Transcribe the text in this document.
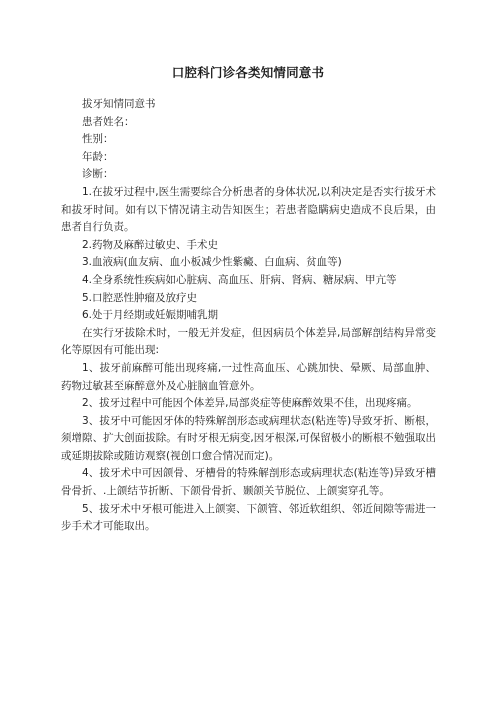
口腔科门诊各类知情同意书

拔牙知情同意书

患者姓名：

性别：

年龄：

诊断：

1.在拔牙过程中,医生需要综合分析患者的身体状况,以利决定是否实行拔牙术和拔牙时间。如有以下情况请主动告知医生；若患者隐瞒病史造成不良后果，由患者自行负责。

2.药物及麻醉过敏史、手术史

3.血液病(血友病、血小板减少性紫癜、白血病、贫血等)

4.全身系统性疾病如心脏病、高血压、肝病、肾病、糖尿病、甲亢等

5.口腔恶性肿瘤及放疗史

6.处于月经期或妊娠期哺乳期

在实行牙拔除术时，一般无并发症，但因病员个体差异,局部解剖结构异常变化等原因有可能出现:

1、拔牙前麻醉可能出现疼痛,一过性高血压、心跳加快、晕厥、局部血肿、药物过敏甚至麻醉意外及心脏脑血管意外。

2、拔牙过程中可能因个体差异,局部炎症等使麻醉效果不佳，出现疼痛。

3、拔牙中可能因牙体的特殊解剖形态或病理状态(粘连等)导致牙折、断根，须增隙、扩大创面拔除。有时牙根无病变,因牙根深,可保留极小的断根不勉强取出或延期拔除或随访观察(视创口愈合情况而定)。

4、拔牙术中可因颌骨、牙槽骨的特殊解剖形态或病理状态(粘连等)异致牙槽骨骨折、.上颌结节折断、下颌骨骨折、颞颌关节脱位、上颌窦穿孔等。

5、拔牙术中牙根可能进入上颌窦、下颌管、邻近软组织、邻近间隙等需进一步手术才可能取出。
